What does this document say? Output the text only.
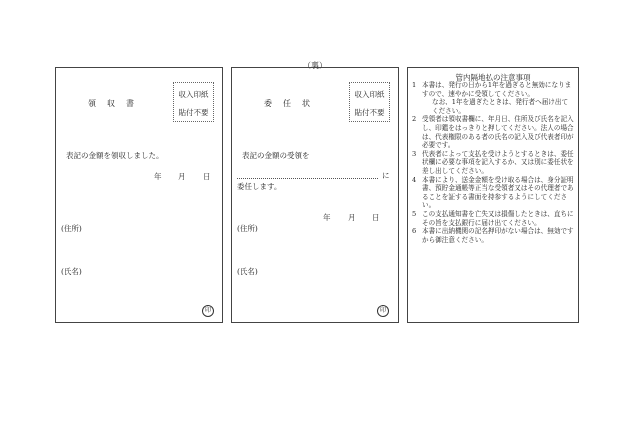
（裏）
領収書
収入印紙
貼付不要
表記の金額を領収しました。
年 月 日
(住所)
(氏名)
印
委任状
収入印紙
貼付不要
表記の金額の受領を
に
委任します。
年 月 日
(住所)
(氏名)
印
管内隔地払の注意事項
1 本書は、発行の日から1年を過ぎると無効になりますので、速やかに受領してください。
なお、1年を過ぎたときは、発行者へ届け出てください。
2 受領者は領収書欄に、年月日、住所及び氏名を記入し、印鑑をはっきりと押してください。法人の場合は、代表権限のある者の氏名の記入及び代表者印が必要です。
3 代表者によって支払を受けようとするときは、委任状欄に必要な事項を記入するか、又は別に委任状を差し出してください。
4 本書により、送金金額を受け取る場合は、身分証明書、預貯金通帳等正当な受領者又はその代理者であることを証する書面を持参するようにしてください。
5 この支払通知書を亡失又は損傷したときは、直ちにその旨を支払銀行に届け出てください。
6 本書に出納機関の記名押印がない場合は、無効ですから御注意ください。
